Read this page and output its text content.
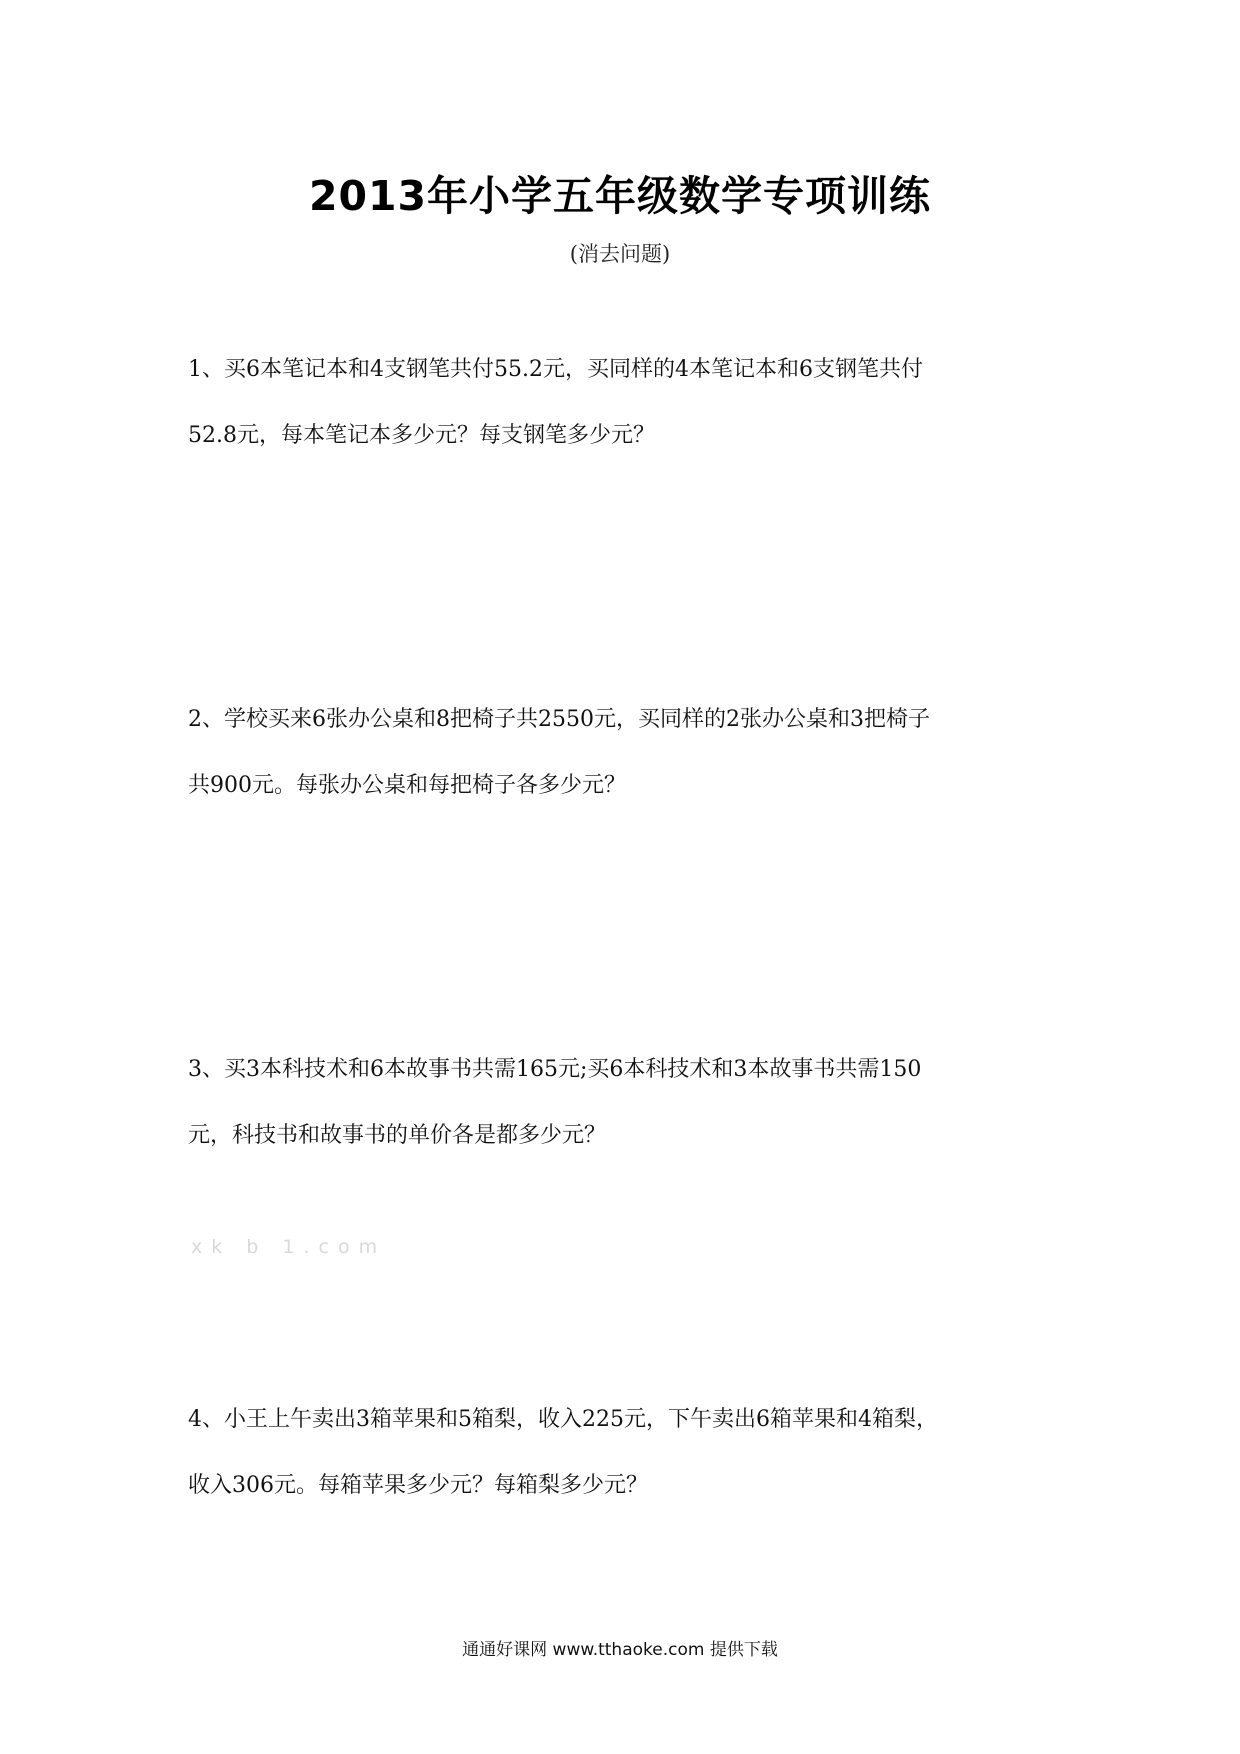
2013年小学五年级数学专项训练
(消去问题)
1、买6本笔记本和4支钢笔共付55.2元，买同样的4本笔记本和6支钢笔共付
52.8元，每本笔记本多少元？每支钢笔多少元？
2、学校买来6张办公桌和8把椅子共2550元，买同样的2张办公桌和3把椅子
共900元。每张办公桌和每把椅子各多少元？
3、买3本科技术和6本故事书共需165元;买6本科技术和3本故事书共需150
元，科技书和故事书的单价各是都多少元？
xk b 1.com
4、小王上午卖出3箱苹果和5箱梨，收入225元，下午卖出6箱苹果和4箱梨，
收入306元。每箱苹果多少元？每箱梨多少元？
通通好课网 www.tthaoke.com 提供下载
